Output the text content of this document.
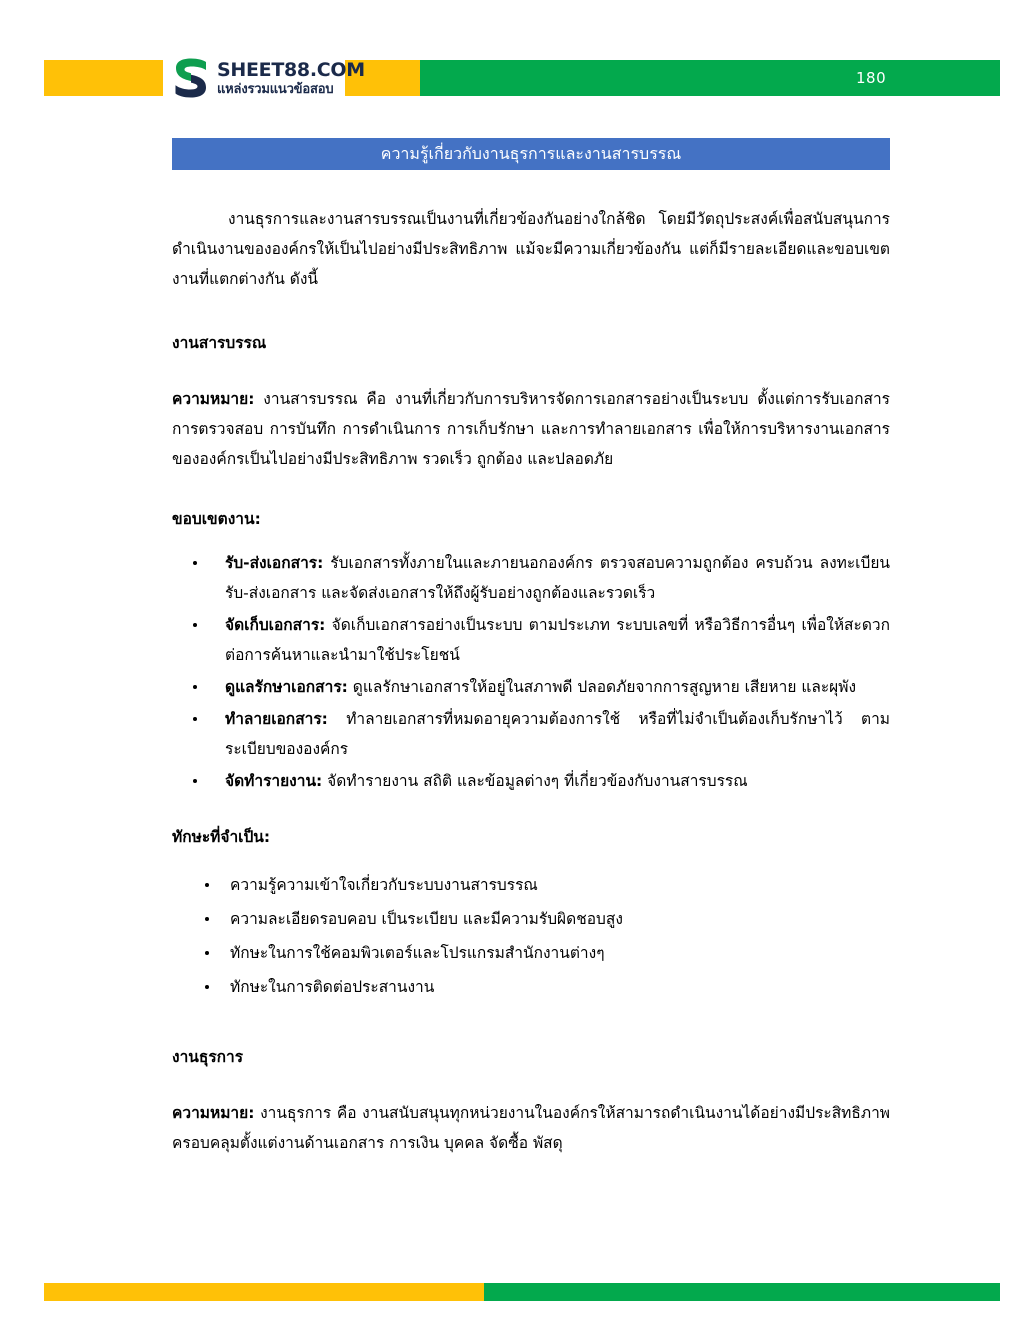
180
SHEET88.COM
แหล่งรวมแนวข้อสอบ
ความรู้เกี่ยวกับงานธุรการและงานสารบรรณ

งานธุรการและงานสารบรรณเป็นงานที่เกี่ยวข้องกันอย่างใกล้ชิด โดยมีวัตถุประสงค์เพื่อสนับสนุนการดำเนินงานขององค์กรให้เป็นไปอย่างมีประสิทธิภาพ แม้จะมีความเกี่ยวข้องกัน แต่ก็มีรายละเอียดและขอบเขตงานที่แตกต่างกัน ดังนี้

งานสารบรรณ

ความหมาย: งานสารบรรณ คือ งานที่เกี่ยวกับการบริหารจัดการเอกสารอย่างเป็นระบบ ตั้งแต่การรับเอกสาร การตรวจสอบ การบันทึก การดำเนินการ การเก็บรักษา และการทำลายเอกสาร เพื่อให้การบริหารงานเอกสารขององค์กรเป็นไปอย่างมีประสิทธิภาพ รวดเร็ว ถูกต้อง และปลอดภัย

ขอบเขตงาน:

รับ-ส่งเอกสาร: รับเอกสารทั้งภายในและภายนอกองค์กร ตรวจสอบความถูกต้อง ครบถ้วน ลงทะเบียนรับ-ส่งเอกสาร และจัดส่งเอกสารให้ถึงผู้รับอย่างถูกต้องและรวดเร็ว
จัดเก็บเอกสาร: จัดเก็บเอกสารอย่างเป็นระบบ ตามประเภท ระบบเลขที่ หรือวิธีการอื่นๆ เพื่อให้สะดวกต่อการค้นหาและนำมาใช้ประโยชน์
ดูแลรักษาเอกสาร: ดูแลรักษาเอกสารให้อยู่ในสภาพดี ปลอดภัยจากการสูญหาย เสียหาย และผุพัง
ทำลายเอกสาร: ทำลายเอกสารที่หมดอายุความต้องการใช้ หรือที่ไม่จำเป็นต้องเก็บรักษาไว้ ตามระเบียบขององค์กร
จัดทำรายงาน: จัดทำรายงาน สถิติ และข้อมูลต่างๆ ที่เกี่ยวข้องกับงานสารบรรณ

ทักษะที่จำเป็น:

ความรู้ความเข้าใจเกี่ยวกับระบบงานสารบรรณ
ความละเอียดรอบคอบ เป็นระเบียบ และมีความรับผิดชอบสูง
ทักษะในการใช้คอมพิวเตอร์และโปรแกรมสำนักงานต่างๆ
ทักษะในการติดต่อประสานงาน

งานธุรการ

ความหมาย: งานธุรการ คือ งานสนับสนุนทุกหน่วยงานในองค์กรให้สามารถดำเนินงานได้อย่างมีประสิทธิภาพ ครอบคลุมตั้งแต่งานด้านเอกสาร การเงิน บุคคล จัดซื้อ พัสดุ
